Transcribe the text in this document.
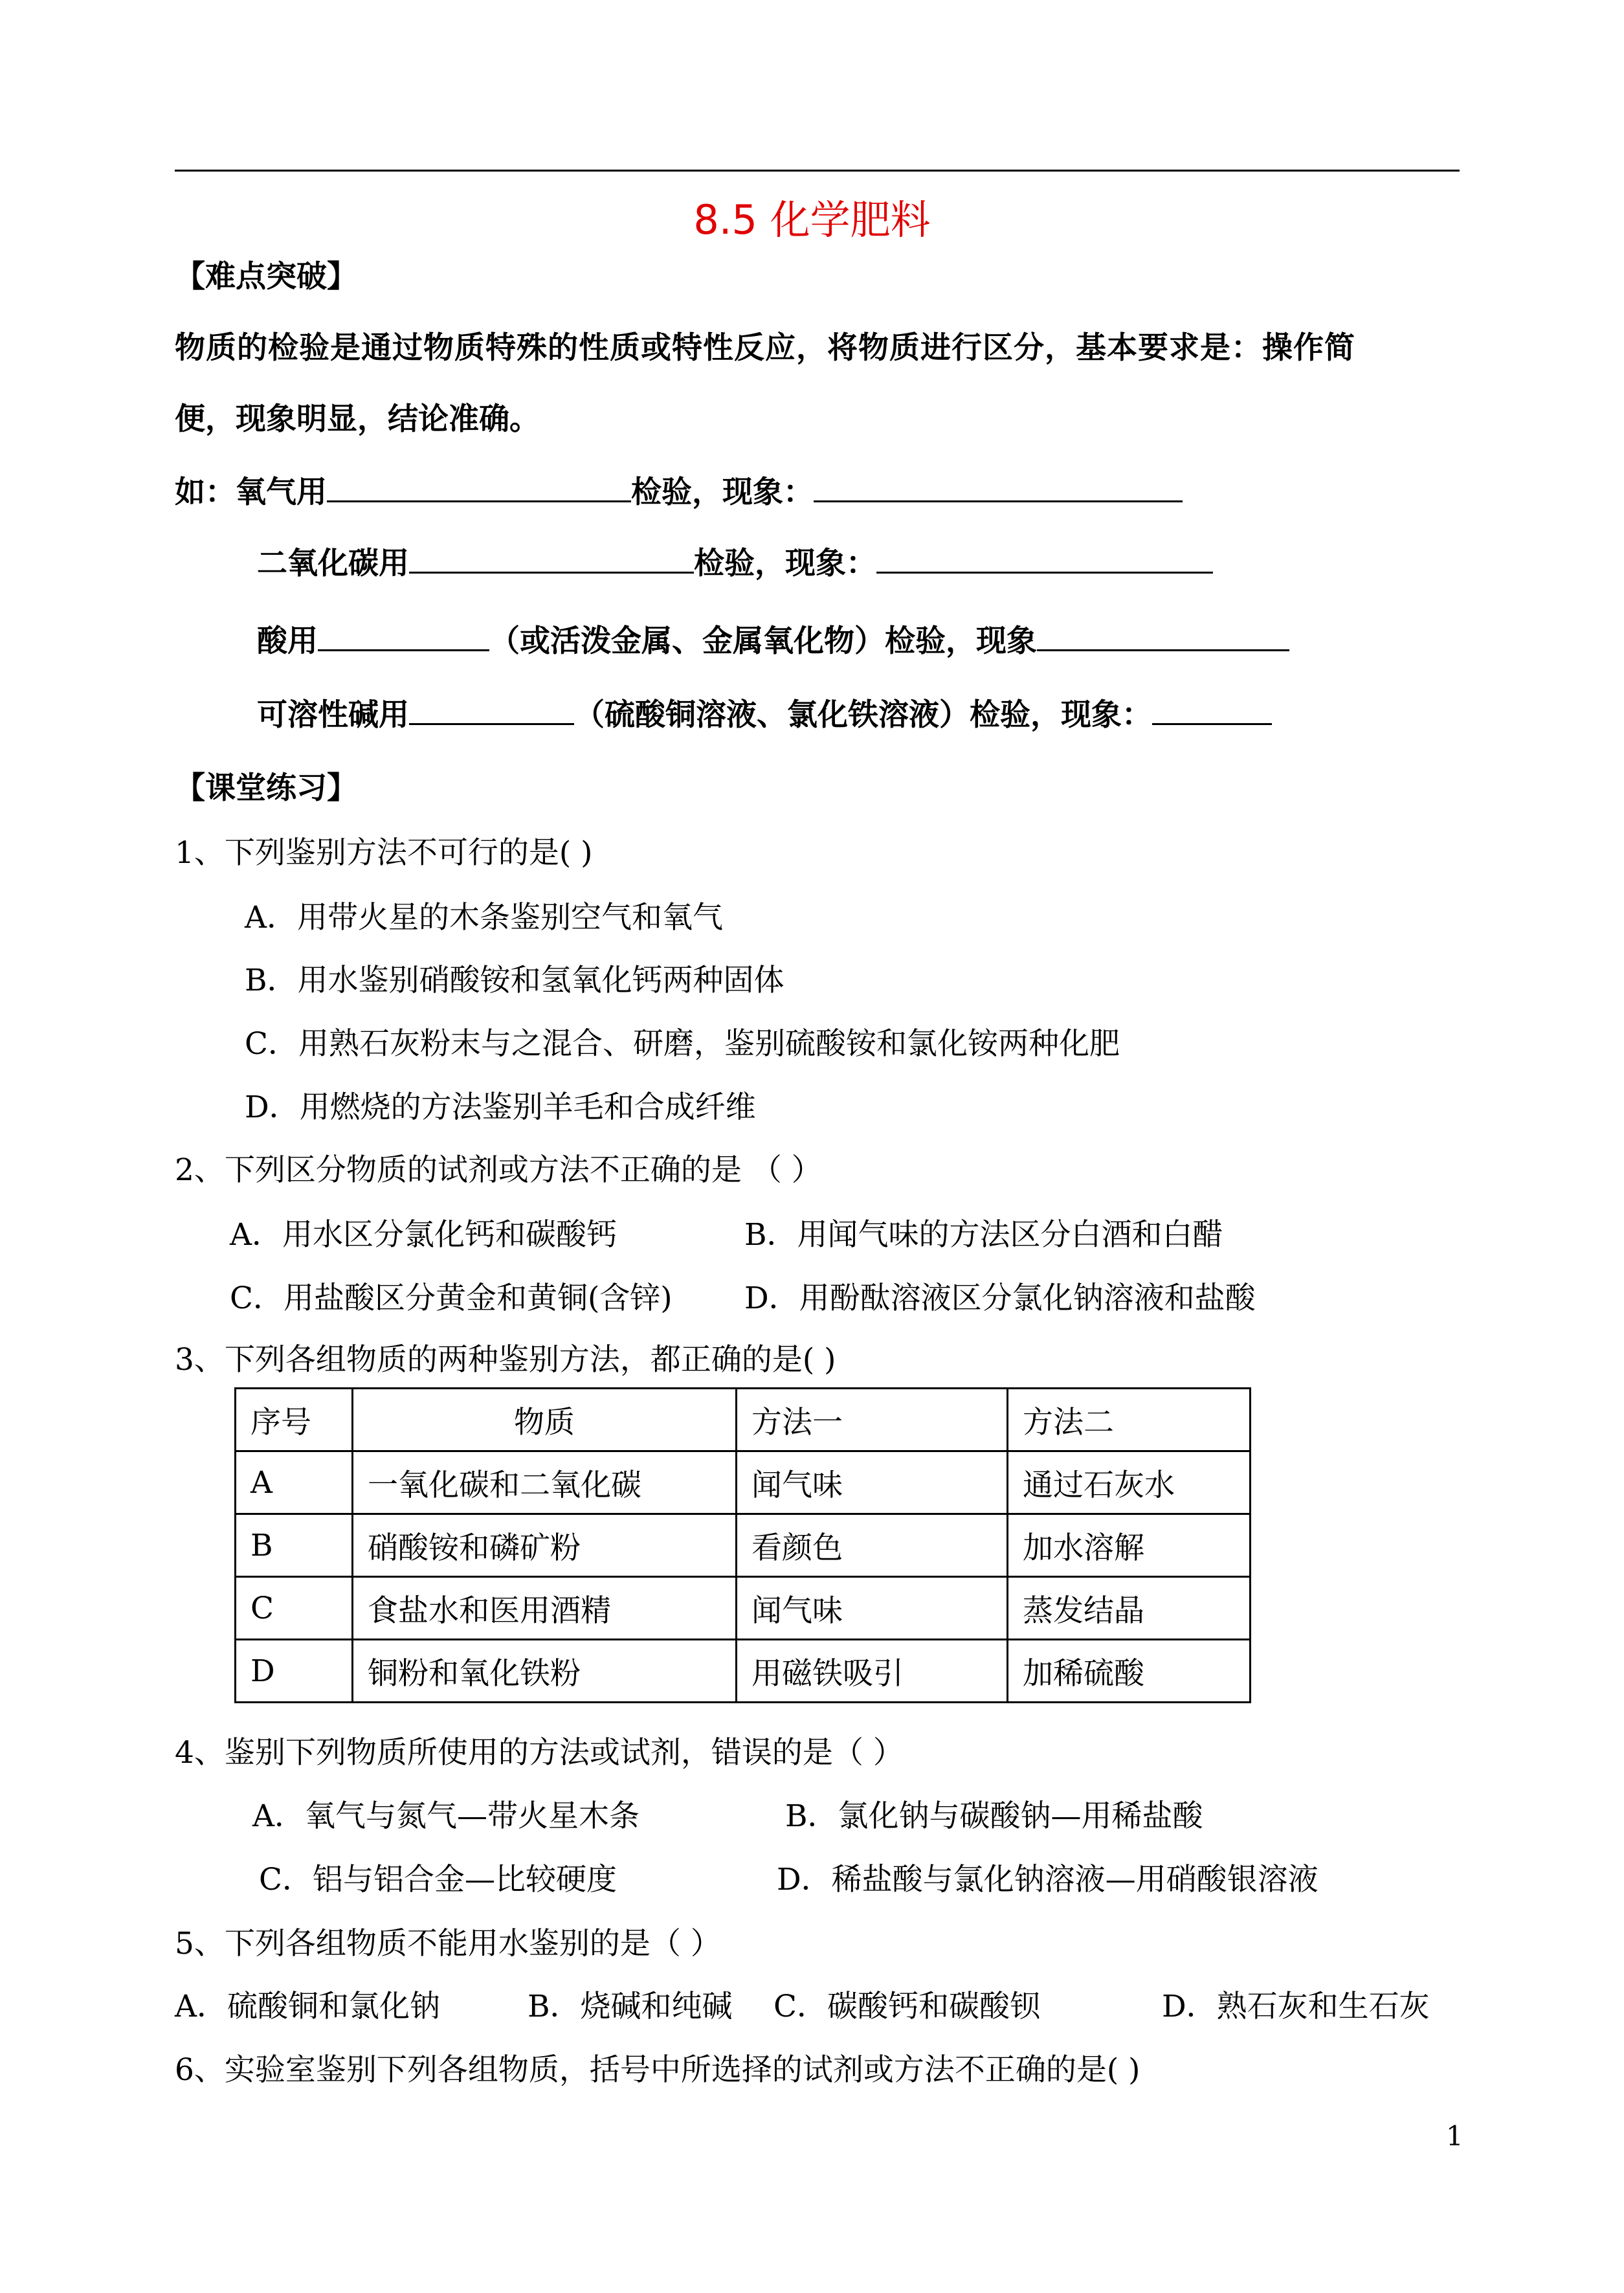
8.5 化学肥料
【难点突破】
物质的检验是通过物质特殊的性质或特性反应，将物质进行区分，基本要求是：操作简
便，现象明显，结论准确。
如：氧气用	检验，现象：
二氧化碳用	检验，现象：
酸用	（或活泼金属、金属氧化物）检验，现象
可溶性碱用	（硫酸铜溶液、氯化铁溶液）检验，现象：
【课堂练习】
1、下列鉴别方法不可行的是( )
A．用带火星的木条鉴别空气和氧气
B．用水鉴别硝酸铵和氢氧化钙两种固体
C．用熟石灰粉末与之混合、研磨，鉴别硫酸铵和氯化铵两种化肥
D．用燃烧的方法鉴别羊毛和合成纤维
2、下列区分物质的试剂或方法不正确的是 （ ）
A．用水区分氯化钙和碳酸钙	B．用闻气味的方法区分白酒和白醋
C．用盐酸区分黄金和黄铜(含锌) D．用酚酞溶液区分氯化钠溶液和盐酸
3、下列各组物质的两种鉴别方法，都正确的是( )
序号	物质	方法一	方法二
A	一氧化碳和二氧化碳	闻气味	通过石灰水
B	硝酸铵和磷矿粉	看颜色	加水溶解
C	食盐水和医用酒精	闻气味	蒸发结晶
D	铜粉和氧化铁粉	用磁铁吸引	加稀硫酸
4、鉴别下列物质所使用的方法或试剂，错误的是（ ）
A．氧气与氮气—带火星木条	B．氯化钠与碳酸钠—用稀盐酸
C．铝与铝合金—比较硬度	D．稀盐酸与氯化钠溶液—用硝酸银溶液
5、下列各组物质不能用水鉴别的是（ ）
A．硫酸铜和氯化钠	B．烧碱和纯碱 C．碳酸钙和碳酸钡	D．熟石灰和生石灰
6、实验室鉴别下列各组物质，括号中所选择的试剂或方法不正确的是( )
1
